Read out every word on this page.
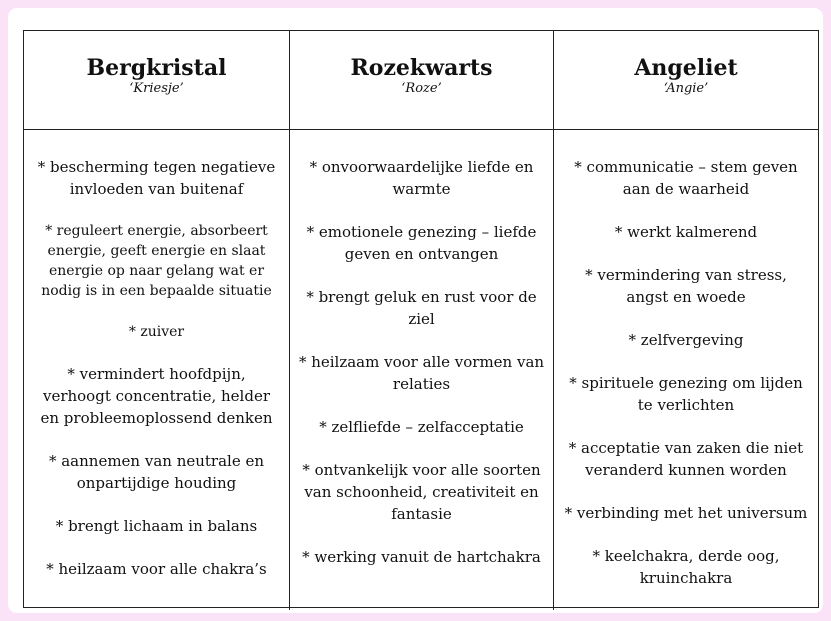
Bergkristal
‘Kriesje’
Rozekwarts
‘Roze’
Angeliet
‘Angie’

* bescherming tegen negatieve invloeden van buitenaf

* reguleert energie, absorbeert energie, geeft energie en slaat energie op naar gelang wat er nodig is in een bepaalde situatie

* zuiver

* vermindert hoofdpijn, verhoogt concentratie, helder en probleemoplossend denken

* aannemen van neutrale en onpartijdige houding

* brengt lichaam in balans

* heilzaam voor alle chakra’s

* onvoorwaardelijke liefde en warmte

* emotionele genezing – liefde geven en ontvangen

* brengt geluk en rust voor de ziel

* heilzaam voor alle vormen van relaties

* zelfliefde – zelfacceptatie

* ontvankelijk voor alle soorten van schoonheid, creativiteit en fantasie

* werking vanuit de hartchakra

* communicatie – stem geven aan de waarheid

* werkt kalmerend

* vermindering van stress, angst en woede

* zelfvergeving

* spirituele genezing om lijden te verlichten

* acceptatie van zaken die niet veranderd kunnen worden

* verbinding met het universum

* keelchakra, derde oog, kruinchakra
